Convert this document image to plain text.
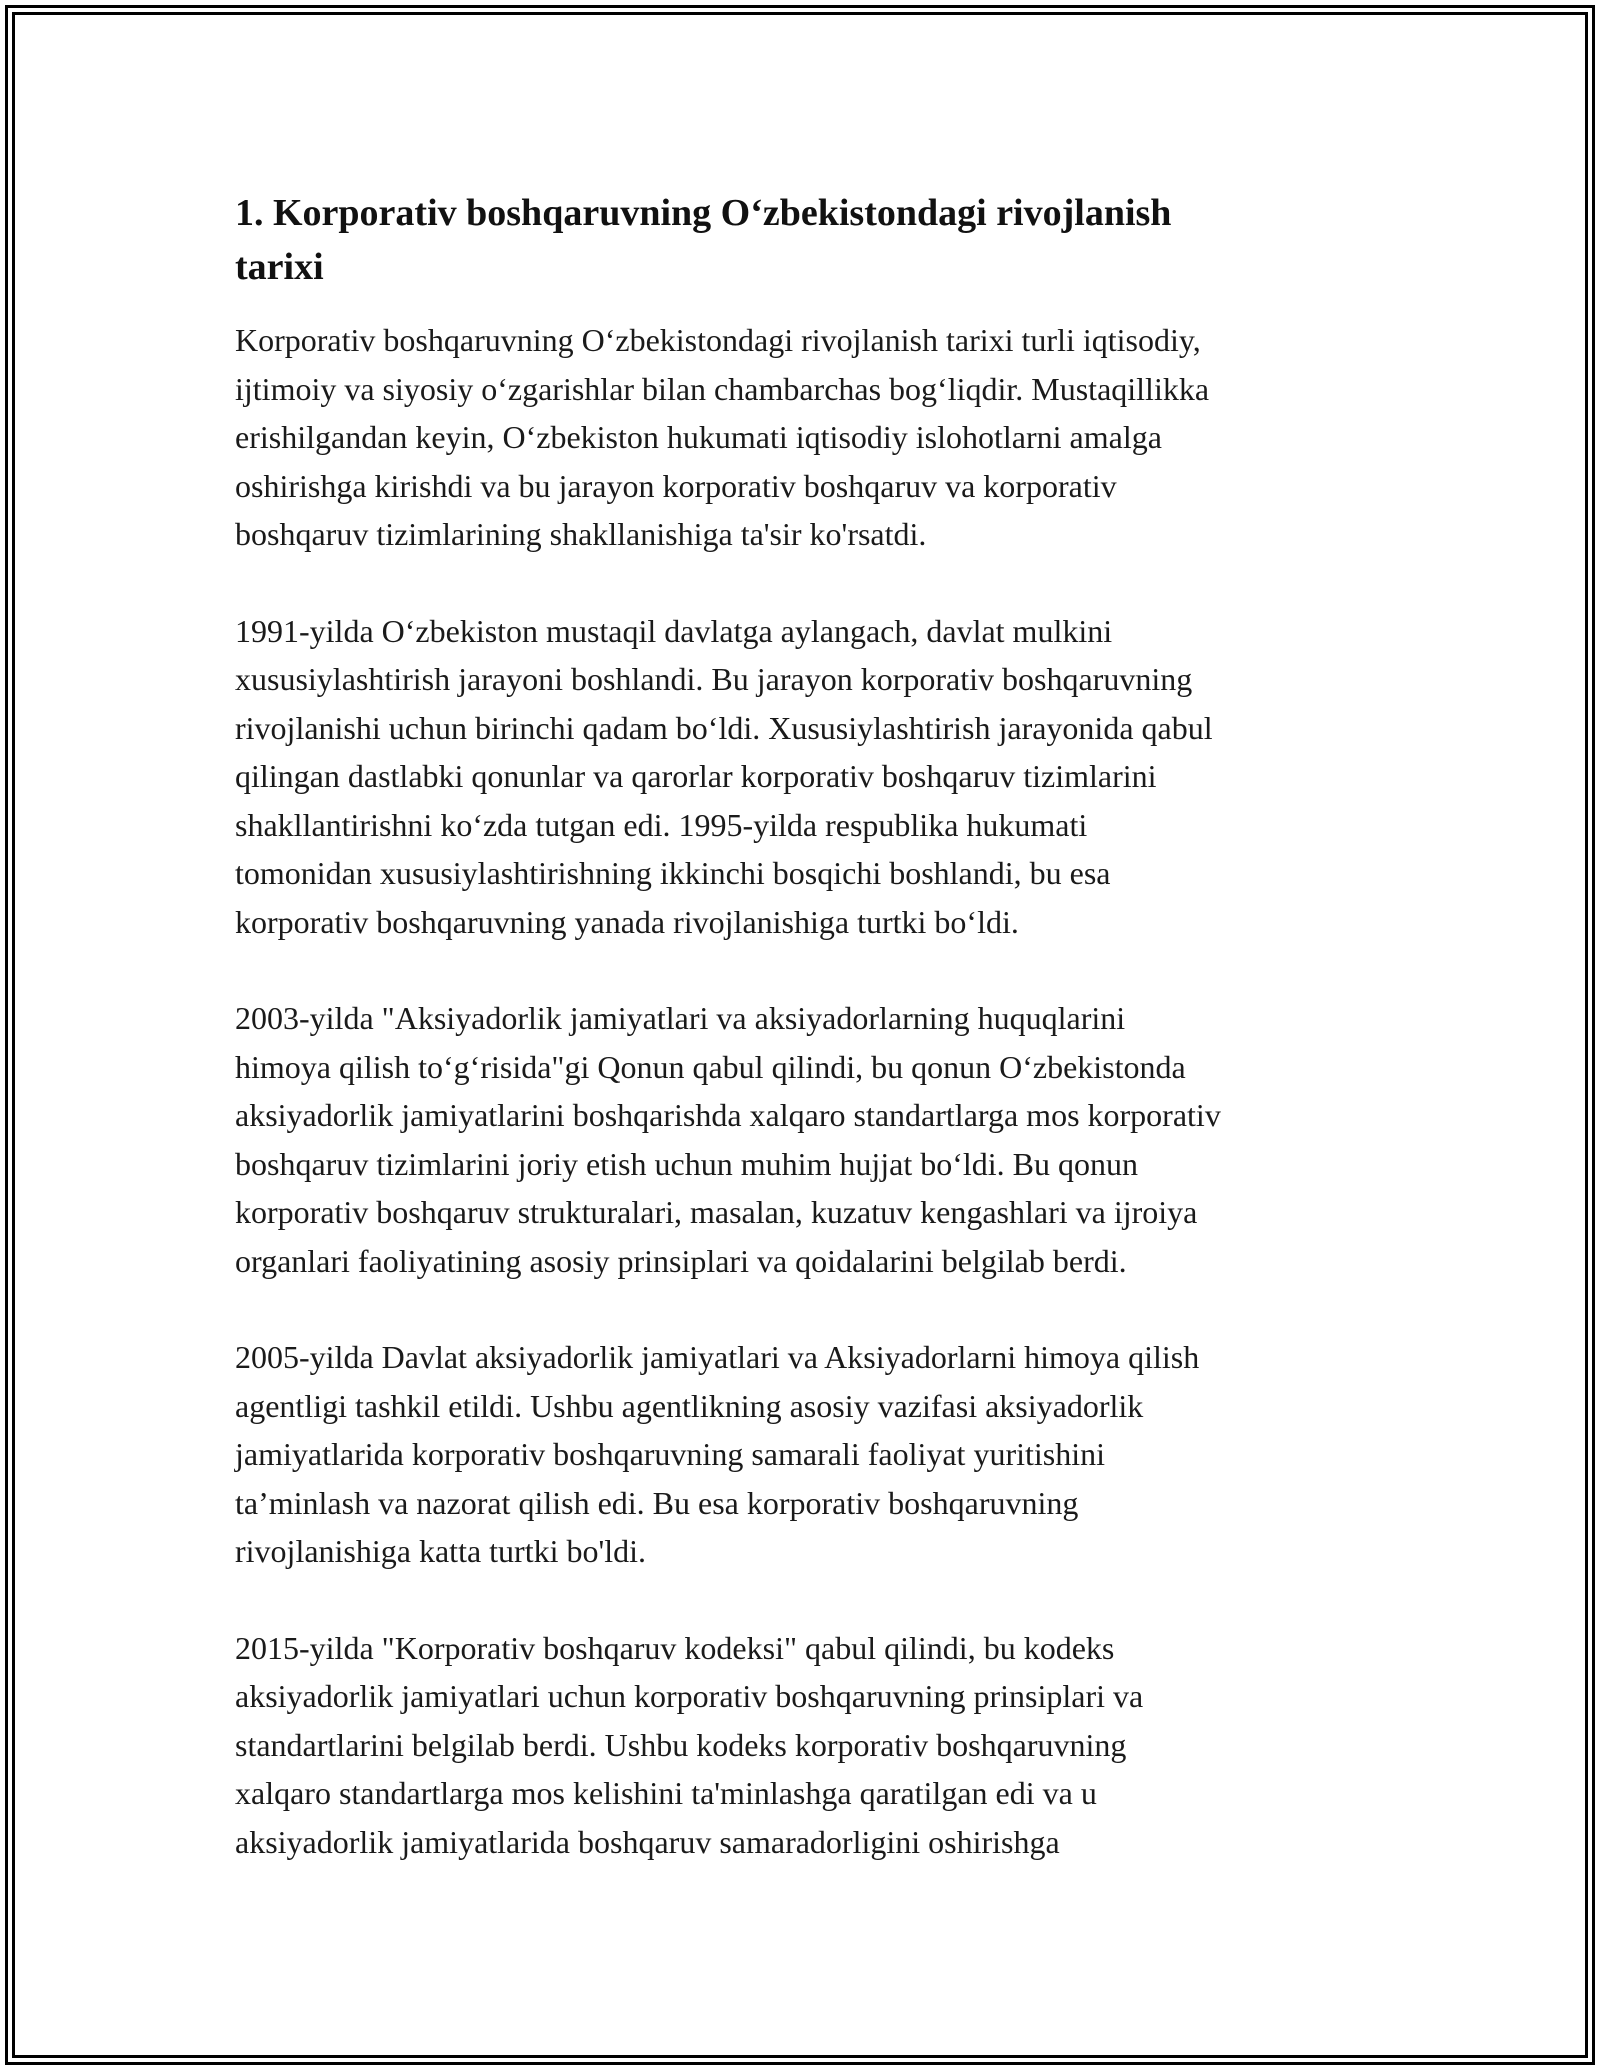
1. Korporativ boshqaruvning O‘zbekistondagi rivojlanish
tarixi

Korporativ boshqaruvning O‘zbekistondagi rivojlanish tarixi turli iqtisodiy,
ijtimoiy va siyosiy o‘zgarishlar bilan chambarchas bog‘liqdir. Mustaqillikka
erishilgandan keyin, O‘zbekiston hukumati iqtisodiy islohotlarni amalga
oshirishga kirishdi va bu jarayon korporativ boshqaruv va korporativ
boshqaruv tizimlarining shakllanishiga ta'sir ko'rsatdi.

1991-yilda O‘zbekiston mustaqil davlatga aylangach, davlat mulkini
xususiylashtirish jarayoni boshlandi. Bu jarayon korporativ boshqaruvning
rivojlanishi uchun birinchi qadam bo‘ldi. Xususiylashtirish jarayonida qabul
qilingan dastlabki qonunlar va qarorlar korporativ boshqaruv tizimlarini
shakllantirishni ko‘zda tutgan edi. 1995-yilda respublika hukumati
tomonidan xususiylashtirishning ikkinchi bosqichi boshlandi, bu esa
korporativ boshqaruvning yanada rivojlanishiga turtki bo‘ldi.

2003-yilda "Aksiyadorlik jamiyatlari va aksiyadorlarning huquqlarini
himoya qilish to‘g‘risida"gi Qonun qabul qilindi, bu qonun O‘zbekistonda
aksiyadorlik jamiyatlarini boshqarishda xalqaro standartlarga mos korporativ
boshqaruv tizimlarini joriy etish uchun muhim hujjat bo‘ldi. Bu qonun
korporativ boshqaruv strukturalari, masalan, kuzatuv kengashlari va ijroiya
organlari faoliyatining asosiy prinsiplari va qoidalarini belgilab berdi.

2005-yilda Davlat aksiyadorlik jamiyatlari va Aksiyadorlarni himoya qilish
agentligi tashkil etildi. Ushbu agentlikning asosiy vazifasi aksiyadorlik
jamiyatlarida korporativ boshqaruvning samarali faoliyat yuritishini
ta’minlash va nazorat qilish edi. Bu esa korporativ boshqaruvning
rivojlanishiga katta turtki bo'ldi.

2015-yilda "Korporativ boshqaruv kodeksi" qabul qilindi, bu kodeks
aksiyadorlik jamiyatlari uchun korporativ boshqaruvning prinsiplari va
standartlarini belgilab berdi. Ushbu kodeks korporativ boshqaruvning
xalqaro standartlarga mos kelishini ta'minlashga qaratilgan edi va u
aksiyadorlik jamiyatlarida boshqaruv samaradorligini oshirishga
